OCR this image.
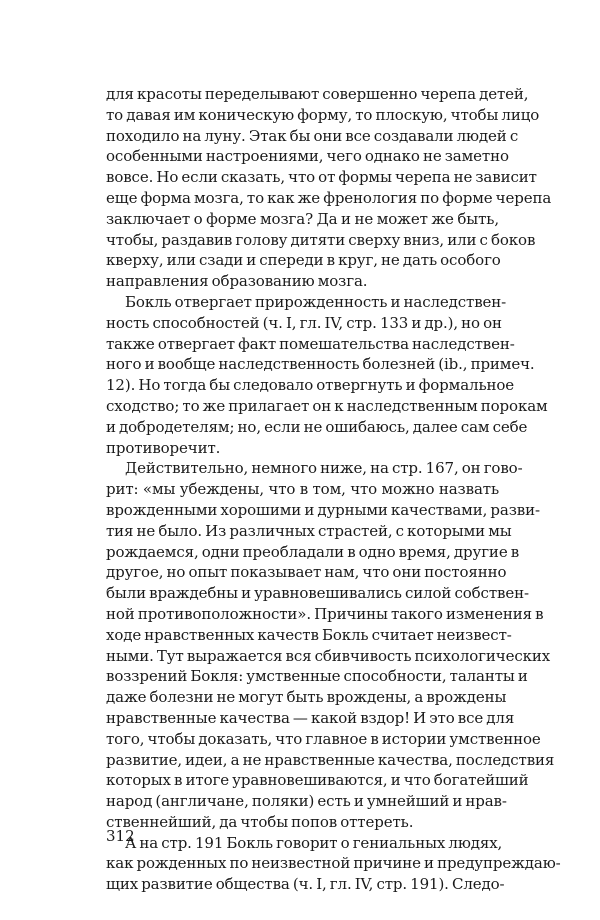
для красоты переделывают совершенно черепа детей,
то давая им коническую форму, то плоскую, чтобы лицо
походило на луну. Этак бы они все создавали людей с
особенными настроениями, чего однако не заметно
вовсе. Но если сказать, что от формы черепа не зависит
еще форма мозга, то как же френология по форме черепа
заключает о форме мозга? Да и не может же быть,
чтобы, раздавив голову дитяти сверху вниз, или с боков
кверху, или сзади и спереди в круг, не дать особого
направления образованию мозга.

Бокль отвергает прирожденность и наследствен-
ность способностей (ч. I, гл. IV, стр. 133 и др.), но он
также отвергает факт помешательства наследствен-
ного и вообще наследственность болезней (ib., примеч.
12). Но тогда бы следовало отвергнуть и формальное
сходство; то же прилагает он к наследственным порокам
и добродетелям; но, если не ошибаюсь, далее сам себе
противоречит.

Действительно, немного ниже, на стр. 167, он гово-
рит: «мы убеждены, что в том, что можно назвать
врожденными хорошими и дурными качествами, разви-
тия не было. Из различных страстей, с которыми мы
рождаемся, одни преобладали в одно время, другие в
другое, но опыт показывает нам, что они постоянно
были враждебны и уравновешивались силой собствен-
ной противоположности». Причины такого изменения в
ходе нравственных качеств Бокль считает неизвест-
ными. Тут выражается вся сбивчивость психологических
воззрений Бокля: умственные способности, таланты и
даже болезни не могут быть врождены, а врождены
нравственные качества — какой вздор! И это все для
того, чтобы доказать, что главное в истории умственное
развитие, идеи, а не нравственные качества, последствия
которых в итоге уравновешиваются, и что богатейший
народ (англичане, поляки) есть и умнейший и нрав-
ственнейший, да чтобы попов оттереть.

А на стр. 191 Бокль говорит о гениальных людях,
как рожденных по неизвестной причине и предупреждаю-
щих развитие общества (ч. I, гл. IV, стр. 191). Следо-

312
